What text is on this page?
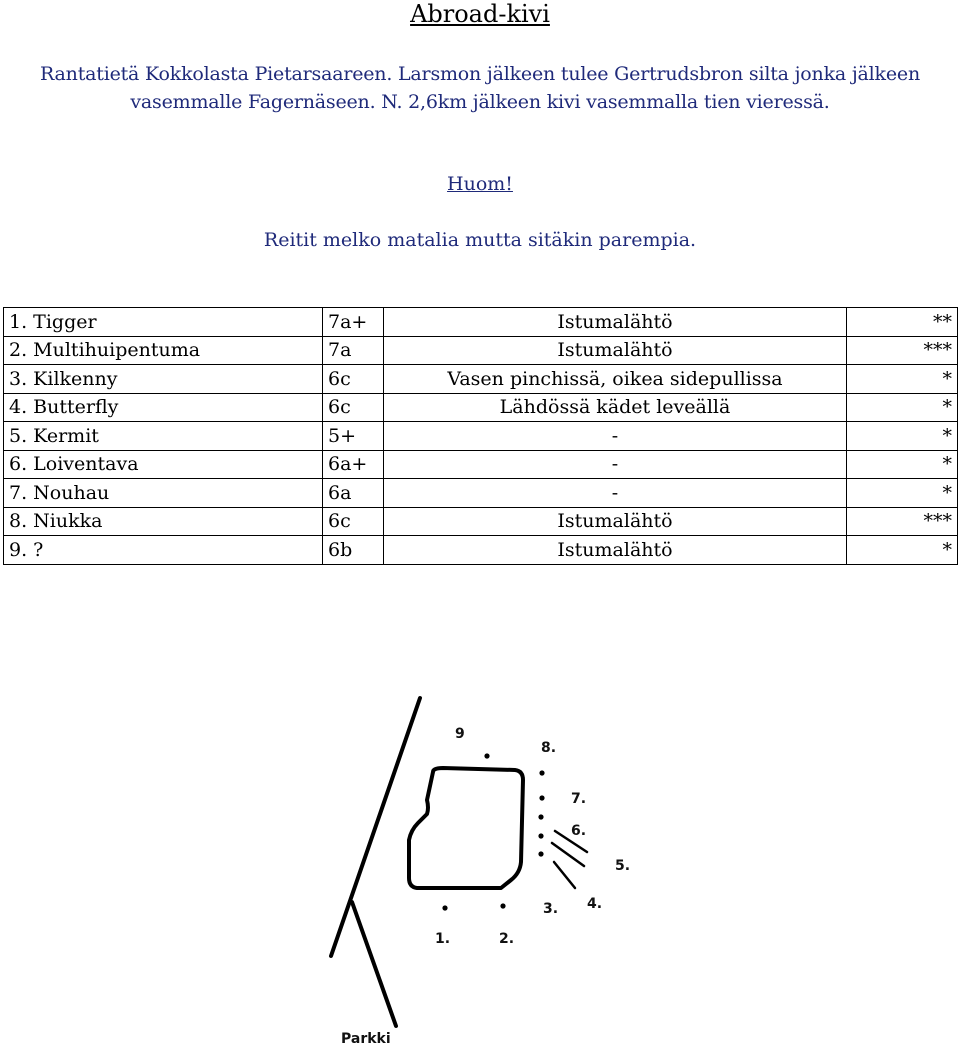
Abroad-kivi
Rantatietä Kokkolasta Pietarsaareen. Larsmon jälkeen tulee Gertrudsbron silta jonka jälkeen vasemmalle Fagernäseen. N. 2,6km jälkeen kivi vasemmalla tien vieressä.
Huom!
Reitit melko matalia mutta sitäkin parempia.
1. Tigger	7a+	Istumalähtö	**
2. Multihuipentuma	7a	Istumalähtö	***
3. Kilkenny	6c	Vasen pinchissä, oikea sidepullissa	*
4. Butterfly	6c	Lähdössä kädet leveällä	*
5. Kermit	5+	-	*
6. Loiventava	6a+	-	*
7. Nouhau	6a	-	*
8. Niukka	6c	Istumalähtö	***
9. ?	6b	Istumalähtö	*
9
8.
7.
6.
5.
4.
3.
1.	2.
Parkki
